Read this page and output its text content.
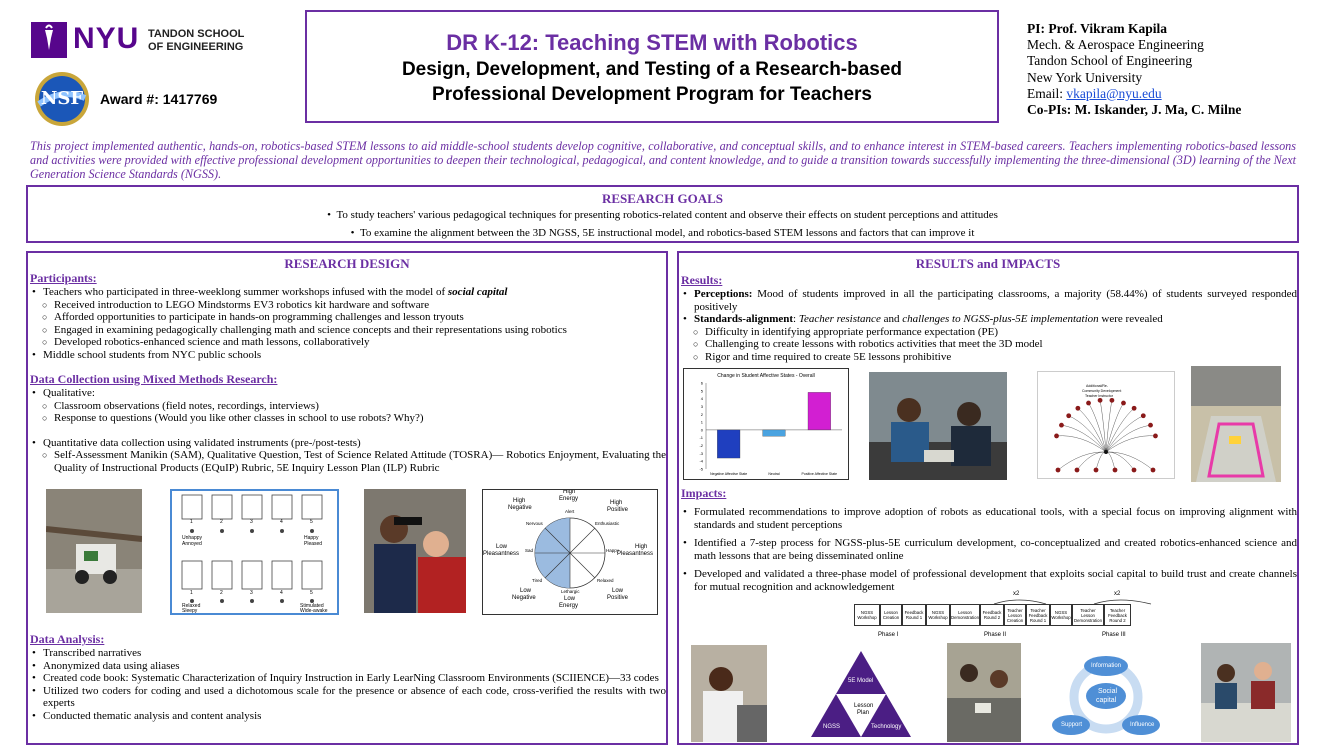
NYU TANDON SCHOOL
OF ENGINEERING
NSF	Award #: 1417769
DR K-12: Teaching STEM with Robotics
Design, Development, and Testing of a Research-based
Professional Development Program for Teachers
PI: Prof. Vikram Kapila
Mech. & Aerospace Engineering
Tandon School of Engineering
New York University
Email: vkapila@nyu.edu
Co-PIs: M. Iskander, J. Ma, C. Milne
This project implemented authentic, hands-on, robotics-based STEM lessons to aid middle-school students develop cognitive, collaborative, and conceptual skills, and to enhance interest in STEM-based careers. Teachers implementing robotics-based lessons and activities were provided with effective professional development opportunities to deepen their technological, pedagogical, and content knowledge, and to guide a transition towards successfully implementing the three-dimensional (3D) learning of the Next Generation Science Standards (NGSS).
RESEARCH GOALS
•  To study teachers' various pedagogical techniques for presenting robotics-related content and observe their effects on student perceptions and attitudes
•  To examine the alignment between the 3D NGSS, 5E instructional model, and robotics-based STEM lessons and factors that can improve it
RESEARCH DESIGN
Participants:
• Teachers who participated in three-weeklong summer workshops infused with the model of social capital
○ Received introduction to LEGO Mindstorms EV3 robotics kit hardware and software
○ Afforded opportunities to participate in hands-on programming challenges and lesson tryouts
○ Engaged in examining pedagogically challenging math and science concepts and their representations using robotics
○ Developed robotics-enhanced science and math lessons, collaboratively
• Middle school students from NYC public schools
Data Collection using Mixed Methods Research:
• Qualitative:
○ Classroom observations (field notes, recordings, interviews)
○ Response to questions (Would you like other classes in school to use robots? Why?)
• Quantitative data collection using validated instruments (pre-/post-tests)
○ Self-Assessment Manikin (SAM), Qualitative Question, Test of Science Related Attitude (TOSRA)— Robotics Enjoyment, Evaluating the Quality of Instructional Products (EQuIP) Rubric, 5E Inquiry Lesson Plan (ILP) Rubric
1	2	3	4	5
Unhappy
Annoyed
Happy
Pleased
1	2	3	4	5
Relaxed
Sleepy
Stimulated
Wide-awake
High
Energy
Alert
High
Negative
High
Positive
Nervous	Enthusiastic
Low
Pleasantness
Sad	Happy
High
Pleasantness
Tired	Relaxed
Lethargic
Low
Negative	Low
Energy
Low
Positive
Data Analysis:
• Transcribed narratives
• Anonymized data using aliases
• Created code book: Systematic Characterization of Inquiry Instruction in Early LearNing Classroom Environments (SCIIENCE)—33 codes
• Utilized two coders for coding and used a dichotomous scale for the presence or absence of each code, cross-verified the results with two experts
• Conducted thematic analysis and content analysis
RESULTS and IMPACTS
Results:
• Perceptions: Mood of students improved in all the participating classrooms, a majority (58.44%) of students surveyed responded positively
• Standards-alignment: Teacher resistance and challenges to NGSS-plus-5E implementation were revealed
○ Difficulty in identifying appropriate performance expectation (PE)
○ Challenging to create lessons with robotics activities that meet the 3D model
○ Rigor and time required to create 5E lessons prohibitive
Change in Student Affective States - Overall
6
5
4
3
2
1
0
-1
-2
-3
-4
-5
Negative Affective State	Neutral	Positive Affective State
Additional/Re-
Community Development
Teacher Instructor
Impacts:
• Formulated recommendations to improve adoption of robots as educational tools, with a special focus on improving alignment with standards and student perceptions
• Identified a 7-step process for NGSS-plus-5E curriculum development, co-conceptualized and created robotics-enhanced science and math lessons that are being disseminated online
• Developed and validated a three-phase model of professional development that exploits social capital to build trust and create channels for mutual recognition and acknowledgement
x2	x2
NGSS Workshop
Lesson Creation
Feedback Round 1
NGSS Workshop
Lesson Demonstration
Feedback Round 2
Teacher Lesson Creation
Teacher Feedback Round 1
NGSS Workshop
Teacher Lesson Demonstration
Teacher Feedback Round 2
Phase I	Phase II	Phase III
5E Model
Lesson
Plan
NGSS	Technology
Information
Social
capital
Support	Influence
